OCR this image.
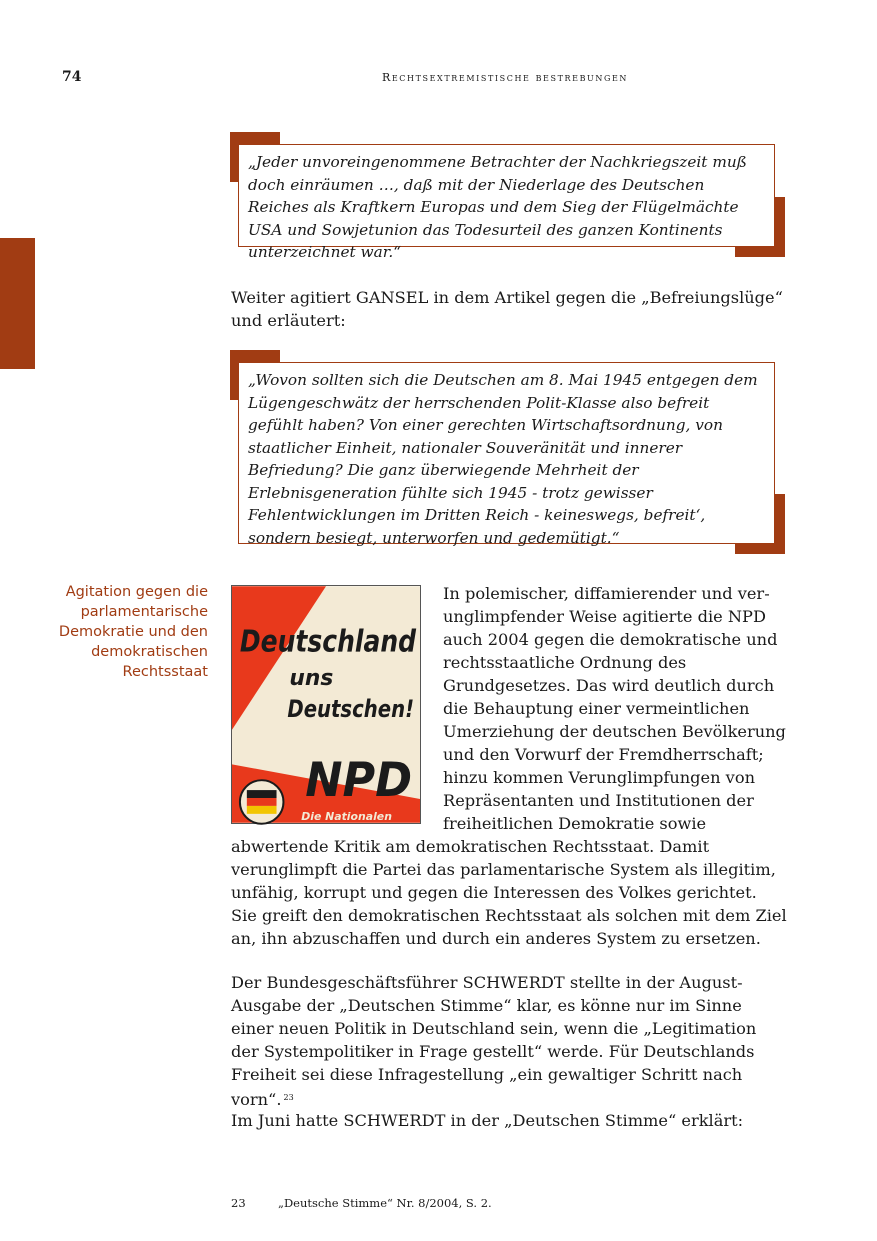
74	rechtsextremistische bestrebungen
„Jeder unvoreingenommene Betrachter der Nachkriegszeit muß doch einräumen …, daß mit der Niederlage des Deutschen Reiches als Kraftkern Europas und dem Sieg der Flügelmächte USA und Sowjetunion das Todesurteil des ganzen Kontinents unterzeichnet war.“

Weiter agitiert GANSEL in dem Artikel gegen die „Befreiungslüge“ und erläutert:

„Wovon sollten sich die Deutschen am 8. Mai 1945 entgegen dem Lügengeschwätz der herrschenden Polit-Klasse also befreit gefühlt haben? Von einer gerechten Wirtschaftsordnung, von staatlicher Einheit, nationaler Souveränität und innerer Befriedung? Die ganz überwiegende Mehrheit der Erlebnisgeneration fühlte sich 1945 - trotz gewisser Fehlentwicklungen im Dritten Reich - keineswegs, befreit‘, sondern besiegt, unterworfen und gedemütigt.“
Agitation gegen die parlamentarische Demokratie und den demokratischen Rechtsstaat
Deutschland
uns
Deutschen!
NPD
Die Nationalen
In polemischer, diffamierender und verunglimpfender Weise agitierte die NPD auch 2004 gegen die demokratische und rechtsstaatliche Ordnung des Grundgesetzes. Das wird deutlich durch die Behauptung einer vermeintlichen Umerziehung der deutschen Bevölkerung und den Vorwurf der Fremdherrschaft; hinzu kommen Verunglimpfungen von Repräsentanten und Institutionen der freiheitlichen Demokratie sowie abwertende Kritik am demokratischen Rechtsstaat. Damit verunglimpft die Partei das parlamentarische System als illegitim, unfähig, korrupt und gegen die Interessen des Volkes gerichtet. Sie greift den demokratischen Rechtsstaat als solchen mit dem Ziel an, ihn abzuschaffen und durch ein anderes System zu ersetzen.

Der Bundesgeschäftsführer SCHWERDT stellte in der August-Ausgabe der „Deutschen Stimme“ klar, es könne nur im Sinne einer neuen Politik in Deutschland sein, wenn die „Legitimation der Systempolitiker in Frage gestellt“ werde. Für Deutschlands Freiheit sei diese Infragestellung „ein gewaltiger Schritt nach vorn“. $^{23}$

Im Juni hatte SCHWERDT in der „Deutschen Stimme“ erklärt:

23	„Deutsche Stimme“ Nr. 8/2004, S. 2.
